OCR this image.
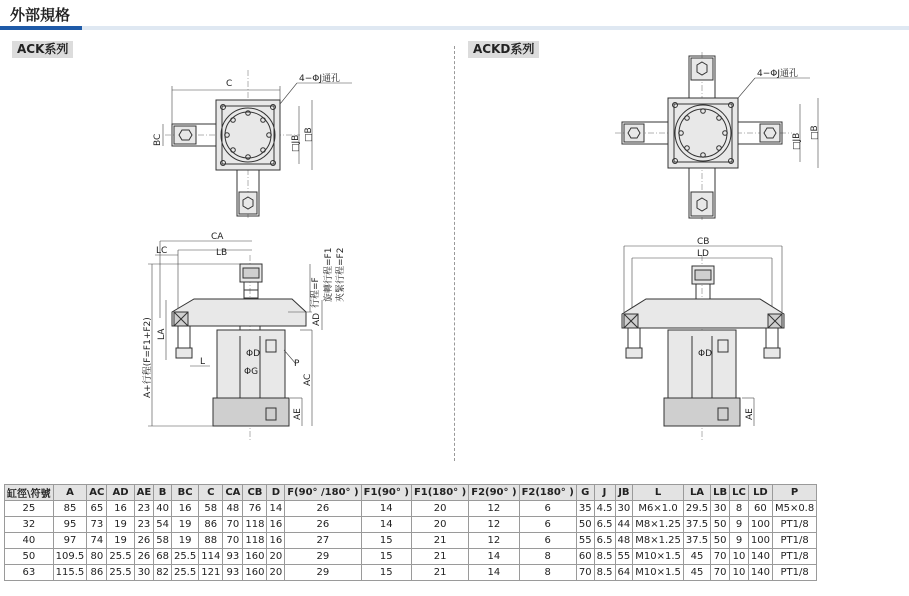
外部規格
ACK系列	ACKD系列
C	4−ΦJ通孔
BC	□JB □B
CA
LB
LC
ΦD
ΦG
P
行程=F 旋轉行程=F1 夾緊行程=F2
AD
AC
AE
A+行程(F=F1+F2) LA
L
4−ΦJ通孔
□JB □B
CB
LD
ΦD
AE
缸徑\符號	A	AC	AD	AE	B	BC	C	CA	CB	D	F(90° /180° )	F1(90° )	F1(180° )	F2(90° )	F2(180° )	G	J	JB	L	LA	LB	LC	LD	P
25	85	65	16	23	40	16	58	48	76	14	26	14	20	12	6	35	4.5	30	M6×1.0	29.5	30	8	60	M5×0.8
32	95	73	19	23	54	19	86	70	118	16	26	14	20	12	6	50	6.5	44	M8×1.25	37.5	50	9	100	PT1/8
40	97	74	19	26	58	19	88	70	118	16	27	15	21	12	6	55	6.5	48	M8×1.25	37.5	50	9	100	PT1/8
50	109.5	80	25.5	26	68	25.5	114	93	160	20	29	15	21	14	8	60	8.5	55	M10×1.5	45	70	10	140	PT1/8
63	115.5	86	25.5	30	82	25.5	121	93	160	20	29	15	21	14	8	70	8.5	64	M10×1.5	45	70	10	140	PT1/8
